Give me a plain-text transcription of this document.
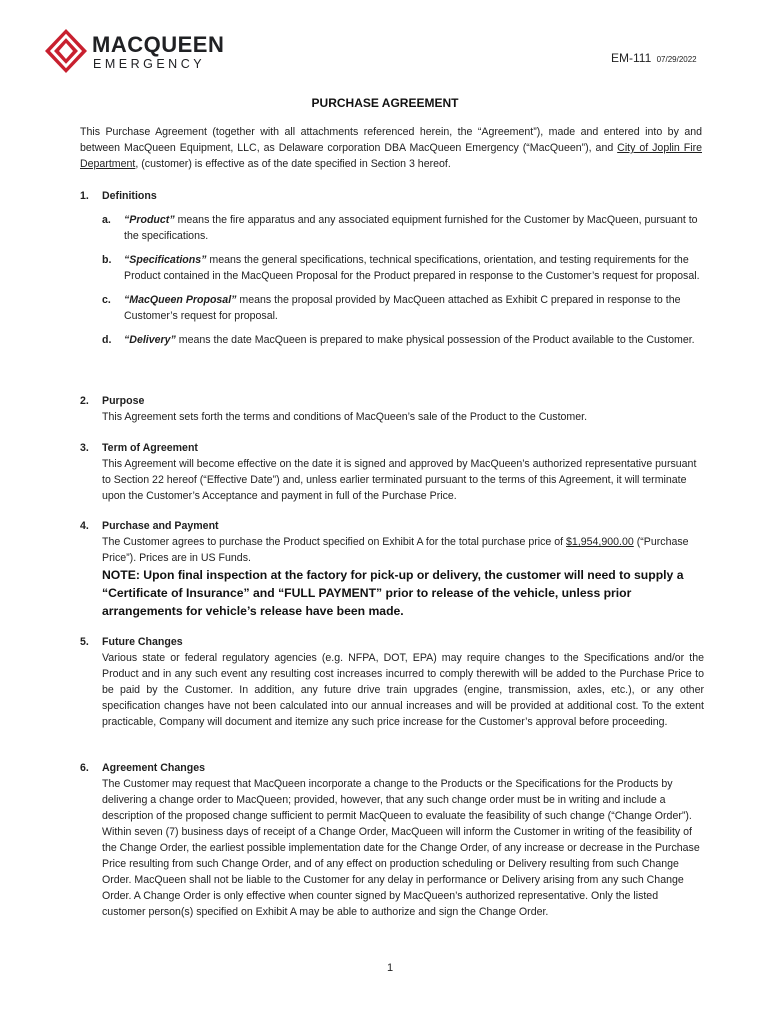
MACQUEEN
EMERGENCY	EM-111 07/29/2022
PURCHASE AGREEMENT
This Purchase Agreement (together with all attachments referenced herein, the “Agreement”), made and entered into by and between MacQueen Equipment, LLC, as Delaware corporation DBA MacQueen Emergency (“MacQueen”), and City of Joplin Fire Department, (customer) is effective as of the date specified in Section 3 hereof.
1. Definitions
a. “Product” means the fire apparatus and any associated equipment furnished for the Customer by MacQueen, pursuant to the specifications.
b. “Specifications” means the general specifications, technical specifications, orientation, and testing requirements for the Product contained in the MacQueen Proposal for the Product prepared in response to the Customer’s request for proposal.
c. “MacQueen Proposal” means the proposal provided by MacQueen attached as Exhibit C prepared in response to the Customer’s request for proposal.
d. “Delivery” means the date MacQueen is prepared to make physical possession of the Product available to the Customer.
2. Purpose
This Agreement sets forth the terms and conditions of MacQueen’s sale of the Product to the Customer.
3. Term of Agreement
This Agreement will become effective on the date it is signed and approved by MacQueen’s authorized representative pursuant to Section 22 hereof (“Effective Date”) and, unless earlier terminated pursuant to the terms of this Agreement, it will terminate upon the Customer’s Acceptance and payment in full of the Purchase Price.
4. Purchase and Payment
The Customer agrees to purchase the Product specified on Exhibit A for the total purchase price of $1,954,900.00 (“Purchase Price”). Prices are in US Funds.
NOTE: Upon final inspection at the factory for pick-up or delivery, the customer will need to supply a “Certificate of Insurance” and “FULL PAYMENT” prior to release of the vehicle, unless prior arrangements for vehicle’s release have been made.
5. Future Changes
Various state or federal regulatory agencies (e.g. NFPA, DOT, EPA) may require changes to the Specifications and/or the Product and in any such event any resulting cost increases incurred to comply therewith will be added to the Purchase Price to be paid by the Customer. In addition, any future drive train upgrades (engine, transmission, axles, etc.), or any other specification changes have not been calculated into our annual increases and will be provided at additional cost. To the extent practicable, Company will document and itemize any such price increase for the Customer’s approval before proceeding.
6. Agreement Changes
The Customer may request that MacQueen incorporate a change to the Products or the Specifications for the Products by delivering a change order to MacQueen; provided, however, that any such change order must be in writing and include a description of the proposed change sufficient to permit MacQueen to evaluate the feasibility of such change (“Change Order”). Within seven (7) business days of receipt of a Change Order, MacQueen will inform the Customer in writing of the feasibility of the Change Order, the earliest possible implementation date for the Change Order, of any increase or decrease in the Purchase Price resulting from such Change Order, and of any effect on production scheduling or Delivery resulting from such Change Order. MacQueen shall not be liable to the Customer for any delay in performance or Delivery arising from any such Change Order. A Change Order is only effective when counter signed by MacQueen’s authorized representative. Only the listed customer person(s) specified on Exhibit A may be able to authorize and sign the Change Order.
1
